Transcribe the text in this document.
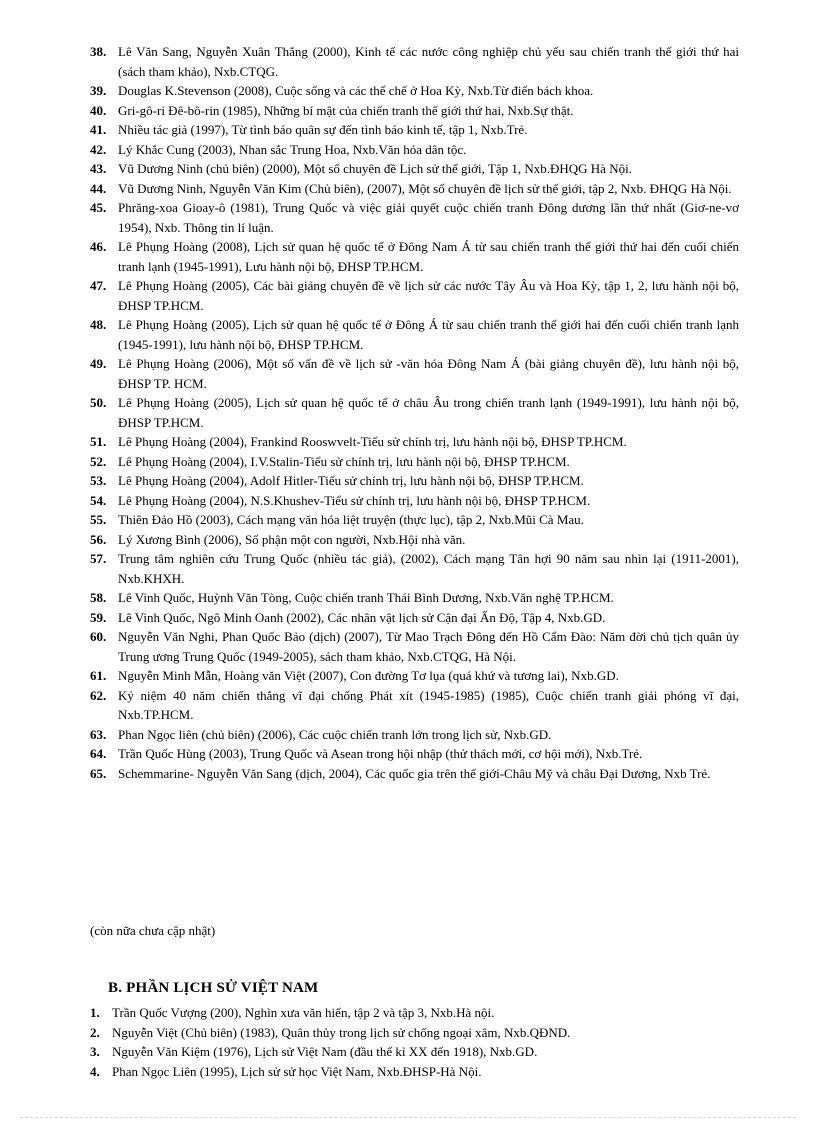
38. Lê Văn Sang, Nguyễn Xuân Thắng (2000), Kinh tế các nước công nghiệp chủ yếu sau chiến tranh thế giới thứ hai (sách tham khảo), Nxb.CTQG.
39. Douglas K.Stevenson (2008), Cuộc sống và các thể chế ở Hoa Kỳ, Nxb.Từ điển bách khoa.
40. Gri-gô-ri Đê-bô-rin (1985), Những bí mật của chiến tranh thế giới thứ hai, Nxb.Sự thật.
41. Nhiều tác giả (1997), Từ tình báo quân sự đến tình báo kinh tế, tập 1, Nxb.Trẻ.
42. Lý Khắc Cung (2003), Nhan sắc Trung Hoa, Nxb.Văn hóa dân tộc.
43. Vũ Dương Ninh (chủ biên) (2000), Một số chuyên đề Lịch sử thế giới, Tập 1, Nxb.ĐHQG Hà Nội.
44. Vũ Dương Ninh, Nguyễn Văn Kim (Chủ biên), (2007), Một số chuyên đề lịch sử thế giới, tập 2, Nxb. ĐHQG Hà Nội.
45. Phrăng-xoa Gioay-ô (1981), Trung Quốc và việc giải quyết cuộc chiến tranh Đông dương lần thứ nhất (Giơ-ne-vơ 1954), Nxb. Thông tin lí luận.
46. Lê Phụng Hoàng (2008), Lịch sử quan hệ quốc tế ở Đông Nam Á từ sau chiến tranh thế giới thứ hai đến cuối chiến tranh lạnh (1945-1991), Lưu hành nội bộ, ĐHSP TP.HCM.
47. Lê Phụng Hoàng (2005), Các bài giảng chuyên đề về lịch sử các nước Tây Âu và Hoa Kỳ, tập 1, 2, lưu hành nội bộ, ĐHSP TP.HCM.
48. Lê Phụng Hoàng (2005), Lịch sử quan hệ quốc tế ở Đông Á từ sau chiến tranh thế giới hai đến cuối chiến tranh lạnh (1945-1991), lưu hành nội bộ, ĐHSP TP.HCM.
49. Lê Phụng Hoàng (2006), Một số vấn đề về lịch sử -văn hóa Đông Nam Á (bài giảng chuyên đề), lưu hành nội bộ, ĐHSP TP. HCM.
50. Lê Phụng Hoàng (2005), Lịch sử quan hệ quốc tế ở châu Âu trong chiến tranh lạnh (1949-1991), lưu hành nội bộ, ĐHSP TP.HCM.
51. Lê Phụng Hoàng (2004), Frankind Rooswvelt-Tiểu sử chính trị, lưu hành nội bộ, ĐHSP TP.HCM.
52. Lê Phụng Hoàng (2004), I.V.Stalin-Tiểu sử chính trị, lưu hành nội bộ, ĐHSP TP.HCM.
53. Lê Phụng Hoàng (2004), Adolf Hitler-Tiểu sử chính trị, lưu hành nội bộ, ĐHSP TP.HCM.
54. Lê Phụng Hoàng (2004), N.S.Khushev-Tiểu sử chính trị, lưu hành nội bộ, ĐHSP TP.HCM.
55. Thiên Đảo Hồ (2003), Cách mạng văn hóa liệt truyện (thực lục), tập 2, Nxb.Mũi Cà Mau.
56. Lý Xương Bình (2006), Số phận một con người, Nxb.Hội nhà văn.
57. Trung tâm nghiên cứu Trung Quốc (nhiều tác giả), (2002), Cách mạng Tân hợi 90 năm sau nhìn lại (1911-2001), Nxb.KHXH.
58. Lê Vinh Quốc, Huỳnh Văn Tòng, Cuộc chiến tranh Thái Bình Dương, Nxb.Văn nghệ TP.HCM.
59. Lê Vinh Quốc, Ngô Minh Oanh (2002), Các nhân vật lịch sử Cận đại Ấn Độ, Tập 4, Nxb.GD.
60. Nguyễn Văn Nghi, Phan Quốc Bảo (dịch) (2007), Từ Mao Trạch Đông đến Hồ Cẩm Đào: Năm đời chủ tịch quân ủy Trung ương Trung Quốc (1949-2005), sách tham khảo, Nxb.CTQG, Hà Nội.
61. Nguyễn Minh Mẫn, Hoàng văn Việt (2007), Con đường Tơ lụa (quá khứ và tương lai), Nxb.GD.
62. Kỷ niệm 40 năm chiến thắng vĩ đại chống Phát xít (1945-1985) (1985), Cuộc chiến tranh giải phóng vĩ đại, Nxb.TP.HCM.
63. Phan Ngọc liên (chủ biên) (2006), Các cuộc chiến tranh lớn trong lịch sử, Nxb.GD.
64. Trần Quốc Hùng (2003), Trung Quốc và Asean trong hội nhập (thử thách mới, cơ hội mới), Nxb.Trẻ.
65. Schemmarine- Nguyễn Văn Sang (dịch, 2004), Các quốc gia trên thế giới-Châu Mỹ và châu Đại Dương, Nxb Trẻ.
(còn nữa chưa cập nhật)
B. PHẦN LỊCH SỬ VIỆT NAM
1. Trần Quốc Vượng (200), Nghìn xưa văn hiến, tập 2 và tập 3, Nxb.Hà nội.
2. Nguyễn Việt (Chủ biên) (1983), Quân thủy trong lịch sử chống ngoại xâm, Nxb.QĐND.
3. Nguyễn Văn Kiệm (1976), Lịch sử Việt Nam (đầu thế kỉ XX đến 1918), Nxb.GD.
4. Phan Ngọc Liên (1995), Lịch sử sử học Việt Nam, Nxb.ĐHSP-Hà Nội.
